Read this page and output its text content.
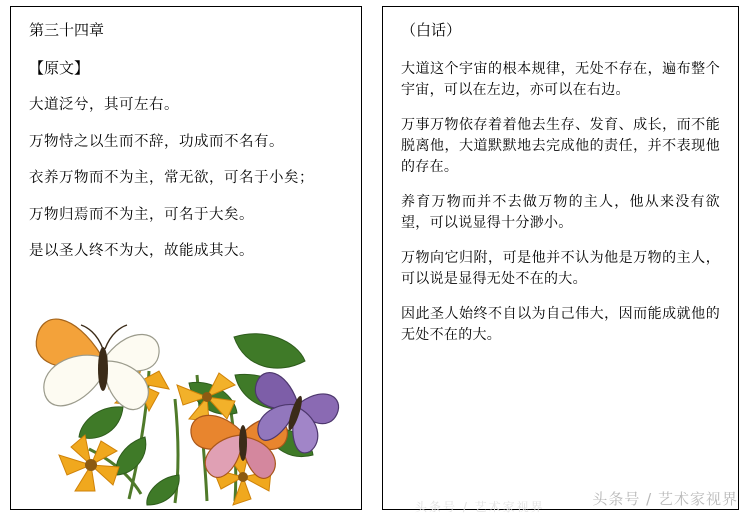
第三十四章
【原文】
大道泛兮，其可左右。
万物恃之以生而不辞，功成而不名有。
衣养万物而不为主，常无欲，可名于小矣；
万物归焉而不为主，可名于大矣。
是以圣人终不为大，故能成其大。
（白话）
大道这个宇宙的根本规律，无处不存在，遍布整个宇宙，可以在左边，亦可以在右边。
万事万物依存着着他去生存、发育、成长，而不能脱离他，大道默默地去完成他的责任，并不表现他的存在。
养育万物而并不去做万物的主人，他从来没有欲望，可以说显得十分渺小。
万物向它归附，可是他并不认为他是万物的主人，可以说是显得无处不在的大。
因此圣人始终不自以为自己伟大，因而能成就他的无处不在的大。
头条号 / 艺术家视界
头条号 / 艺术家视界
